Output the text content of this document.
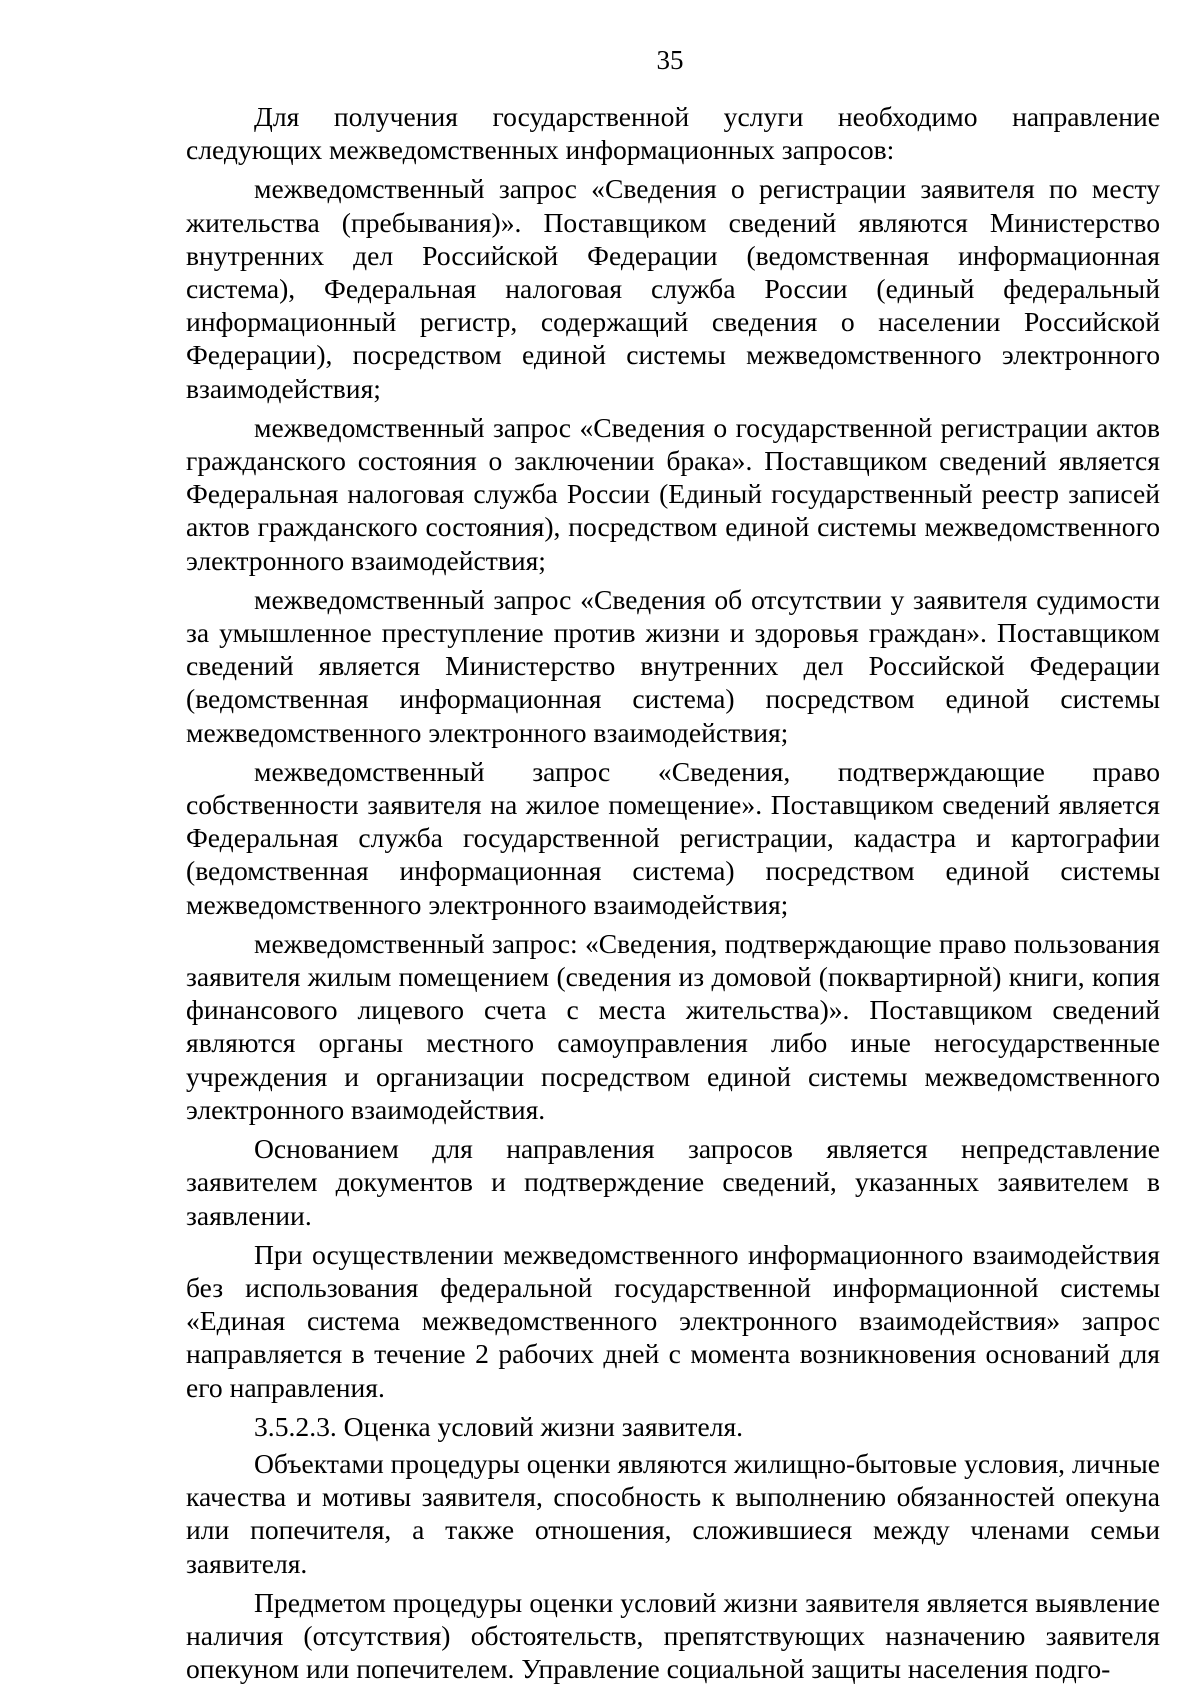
35

Для получения государственной услуги необходимо направление следующих межведомственных информационных запросов:

межведомственный запрос «Сведения о регистрации заявителя по месту жительства (пребывания)». Поставщиком сведений являются Министерство внутренних дел Российской Федерации (ведомственная информационная система), Федеральная налоговая служба России (единый федеральный информационный регистр, содержащий сведения о населении Российской Федерации), посредством единой системы межведомственного электронного взаимодействия;

межведомственный запрос «Сведения о государственной регистрации актов гражданского состояния о заключении брака». Поставщиком сведений является Федеральная налоговая служба России (Единый государственный реестр записей актов гражданского состояния), посредством единой системы межведомственного электронного взаимодействия;

межведомственный запрос «Сведения об отсутствии у заявителя судимости за умышленное преступление против жизни и здоровья граждан». Поставщиком сведений является Министерство внутренних дел Российской Федерации (ведомственная информационная система) посредством единой системы межведомственного электронного взаимодействия;

межведомственный запрос «Сведения, подтверждающие право собственности заявителя на жилое помещение». Поставщиком сведений является Федеральная служба государственной регистрации, кадастра и картографии (ведомственная информационная система) посредством единой системы межведомственного электронного взаимодействия;

межведомственный запрос: «Сведения, подтверждающие право пользования заявителя жилым помещением (сведения из домовой (поквартирной) книги, копия финансового лицевого счета с места жительства)». Поставщиком сведений являются органы местного самоуправления либо иные негосударственные учреждения и организации посредством единой системы межведомственного электронного взаимодействия.

Основанием для направления запросов является непредставление заявителем документов и подтверждение сведений, указанных заявителем в заявлении.

При осуществлении межведомственного информационного взаимодействия без использования федеральной государственной информационной системы «Единая система межведомственного электронного взаимодействия» запрос направляется в течение 2 рабочих дней с момента возникновения оснований для его направления.

3.5.2.3. Оценка условий жизни заявителя.

Объектами процедуры оценки являются жилищно-бытовые условия, личные качества и мотивы заявителя, способность к выполнению обязанностей опекуна или попечителя, а также отношения, сложившиеся между членами семьи заявителя.

Предметом процедуры оценки условий жизни заявителя является выявление наличия (отсутствия) обстоятельств, препятствующих назначению заявителя опекуном или попечителем. Управление социальной защиты населения подго-
